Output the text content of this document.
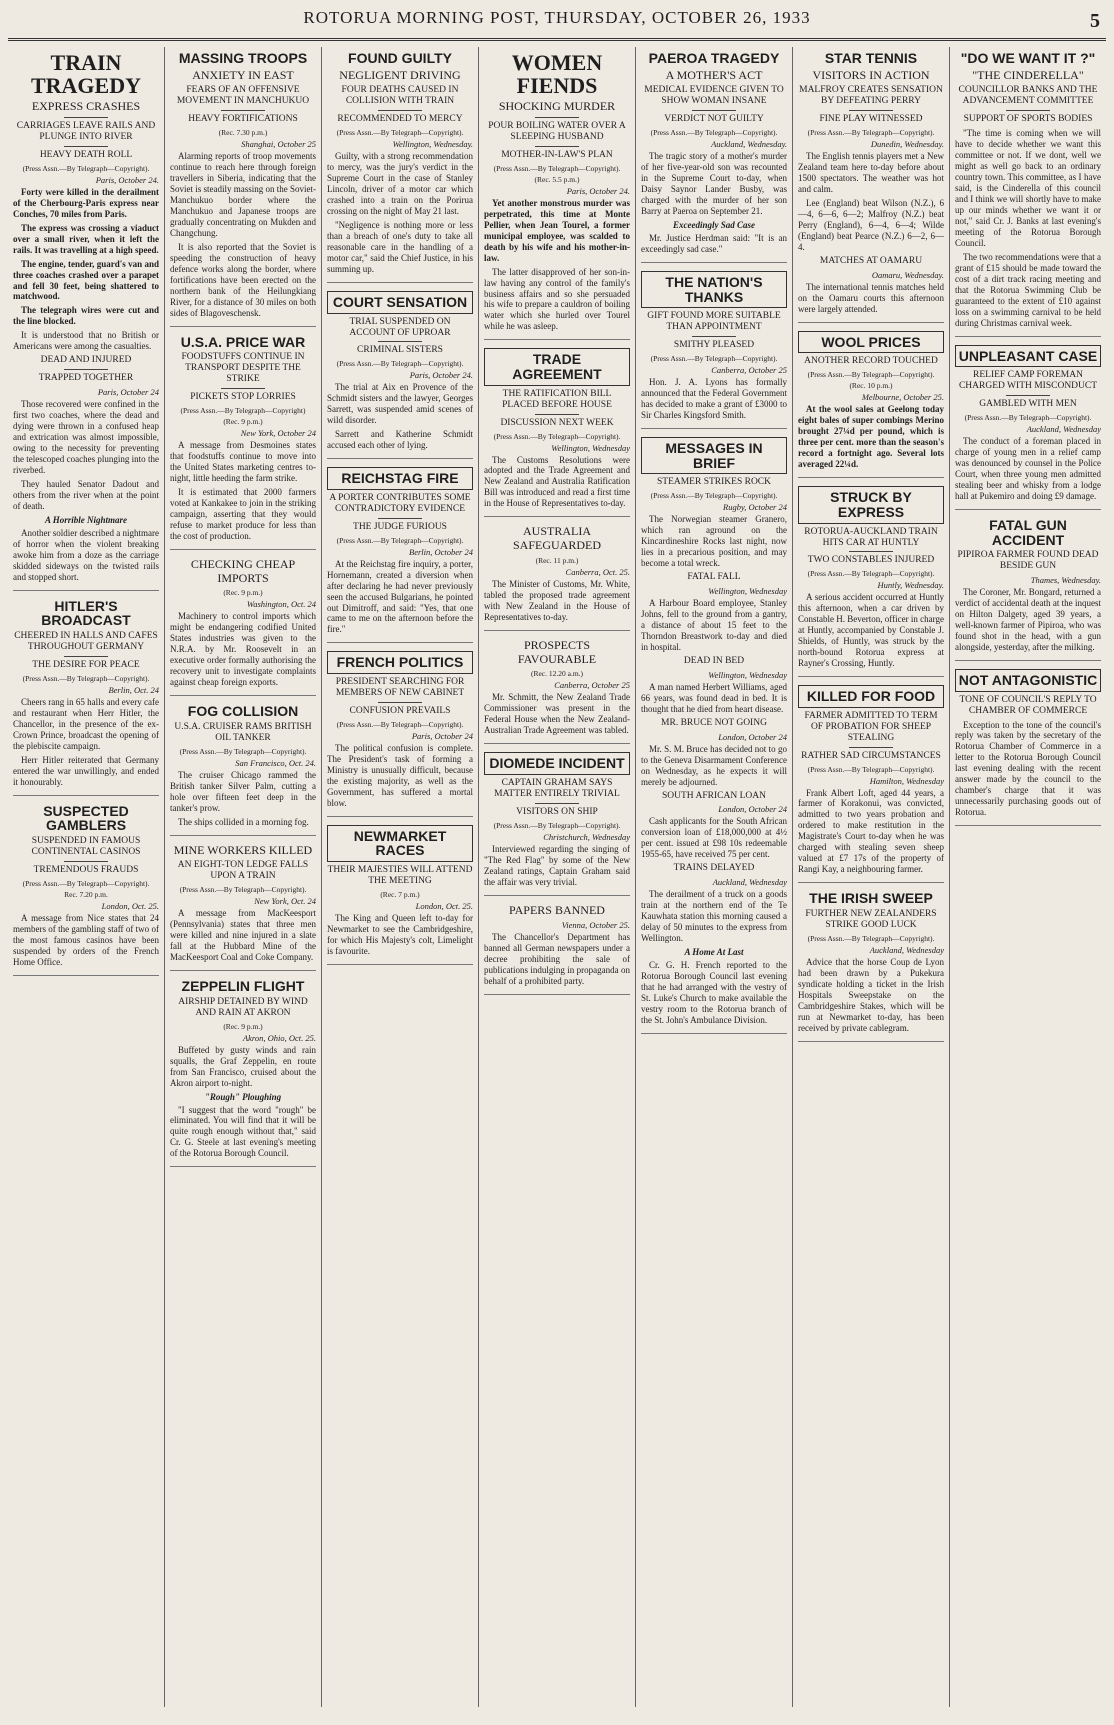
ROTORUA MORNING POST, THURSDAY, OCTOBER 26, 1933	5
TRAIN TRAGEDY
EXPRESS CRASHES
CARRIAGES LEAVE RAILS AND PLUNGE INTO RIVER
HEAVY DEATH ROLL
(Press Assn.—By Telegraph—Copyright).
Paris, October 24.

Forty were killed in the derailment of the Cherbourg-Paris express near Conches, 70 miles from Paris.

The express was crossing a viaduct over a small river, when it left the rails. It was travelling at a high speed.

The engine, tender, guard's van and three coaches crashed over a parapet and fell 30 feet, being shattered to matchwood.

The telegraph wires were cut and the line blocked.

It is understood that no British or Americans were among the casualties.

DEAD AND INJURED
TRAPPED TOGETHER
Paris, October 24

Those recovered were confined in the first two coaches, where the dead and dying were thrown in a confused heap and extrication was almost impossible, owing to the necessity for preventing the telescoped coaches plunging into the riverbed.

They hauled Senator Dadout and others from the river when at the point of death.

A Horrible Nightmare

Another soldier described a nightmare of horror when the violent breaking awoke him from a doze as the carriage skidded sideways on the twisted rails and stopped short.

HITLER'S BROADCAST
CHEERED IN HALLS AND CAFES THROUGHOUT GERMANY
THE DESIRE FOR PEACE
(Press Assn.—By Telegraph—Copyright).
Berlin, Oct. 24

Cheers rang in 65 halls and every cafe and restaurant when Herr Hitler, the Chancellor, in the presence of the ex-Crown Prince, broadcast the opening of the plebiscite campaign.

Herr Hitler reiterated that Germany entered the war unwillingly, and ended it honourably.

SUSPECTED GAMBLERS
SUSPENDED IN FAMOUS CONTINENTAL CASINOS
TREMENDOUS FRAUDS
(Press Assn.—By Telegraph—Copyright).
Rec. 7.20 p.m.
London, Oct. 25.

A message from Nice states that 24 members of the gambling staff of two of the most famous casinos have been suspended by orders of the French Home Office.

MASSING TROOPS
ANXIETY IN EAST
FEARS OF AN OFFENSIVE MOVEMENT IN MANCHUKUO
HEAVY FORTIFICATIONS
(Rec. 7.30 p.m.)
Shanghai, October 25

Alarming reports of troop movements continue to reach here through foreign travellers in Siberia, indicating that the Soviet is steadily massing on the Soviet-Manchukuo border where the Manchukuo and Japanese troops are gradually concentrating on Mukden and Changchung.

It is also reported that the Soviet is speeding the construction of heavy defence works along the border, where fortifications have been erected on the northern bank of the Heilungkiang River, for a distance of 30 miles on both sides of Blagoveschensk.

U.S.A. PRICE WAR
FOODSTUFFS CONTINUE IN TRANSPORT DESPITE THE STRIKE
PICKETS STOP LORRIES
(Press Assn.—By Telegraph—Copyright)
(Rec. 9 p.m.)
New York, October 24

A message from Desmoines states that foodstuffs continue to move into the United States marketing centres to-night, little heeding the farm strike.

It is estimated that 2000 farmers voted at Kankakee to join in the striking campaign, asserting that they would refuse to market produce for less than the cost of production.

CHECKING CHEAP IMPORTS
(Rec. 9 p.m.)
Washington, Oct. 24

Machinery to control imports which might be endangering codified United States industries was given to the N.R.A. by Mr. Roosevelt in an executive order formally authorising the recovery unit to investigate complaints against cheap foreign exports.

FOG COLLISION
U.S.A. CRUISER RAMS BRITISH OIL TANKER
(Press Assn.—By Telegraph—Copyright).
San Francisco, Oct. 24.

The cruiser Chicago rammed the British tanker Silver Palm, cutting a hole over fifteen feet deep in the tanker's prow.

The ships collided in a morning fog.

MINE WORKERS KILLED
AN EIGHT-TON LEDGE FALLS UPON A TRAIN
(Press Assn.—By Telegraph—Copyright).
New York, Oct. 24

A message from MacKeesport (Pennsylvania) states that three men were killed and nine injured in a slate fall at the Hubbard Mine of the MacKeesport Coal and Coke Company.

ZEPPELIN FLIGHT
AIRSHIP DETAINED BY WIND AND RAIN AT AKRON
(Rec. 9 p.m.)
Akron, Ohio, Oct. 25.

Buffeted by gusty winds and rain squalls, the Graf Zeppelin, en route from San Francisco, cruised about the Akron airport to-night.

"Rough" Ploughing

"I suggest that the word "rough" be eliminated. You will find that it will be quite rough enough without that," said Cr. G. Steele at last evening's meeting of the Rotorua Borough Council.

FOUND GUILTY
NEGLIGENT DRIVING
FOUR DEATHS CAUSED IN COLLISION WITH TRAIN
RECOMMENDED TO MERCY
(Press Assn.—By Telegraph—Copyright).
Wellington, Wednesday.

Guilty, with a strong recommendation to mercy, was the jury's verdict in the Supreme Court in the case of Stanley Lincoln, driver of a motor car which crashed into a train on the Porirua crossing on the night of May 21 last.

"Negligence is nothing more or less than a breach of one's duty to take all reasonable care in the handling of a motor car," said the Chief Justice, in his summing up.

COURT SENSATION
TRIAL SUSPENDED ON ACCOUNT OF UPROAR
CRIMINAL SISTERS
(Press Assn.—By Telegraph—Copyright).
Paris, October 24.

The trial at Aix en Provence of the Schmidt sisters and the lawyer, Georges Sarrett, was suspended amid scenes of wild disorder.

Sarrett and Katherine Schmidt accused each other of lying.

REICHSTAG FIRE
A PORTER CONTRIBUTES SOME CONTRADICTORY EVIDENCE
THE JUDGE FURIOUS
(Press Assn.—By Telegraph—Copyright).
Berlin, October 24

At the Reichstag fire inquiry, a porter, Hornemann, created a diversion when after declaring he had never previously seen the accused Bulgarians, he pointed out Dimitroff, and said: "Yes, that one came to me on the afternoon before the fire."

FRENCH POLITICS
PRESIDENT SEARCHING FOR MEMBERS OF NEW CABINET
CONFUSION PREVAILS
(Press Assn.—By Telegraph—Copyright).
Paris, October 24

The political confusion is complete. The President's task of forming a Ministry is unusually difficult, because the existing majority, as well as the Government, has suffered a mortal blow.

NEWMARKET RACES
THEIR MAJESTIES WILL ATTEND THE MEETING
(Rec. 7 p.m.)
London, Oct. 25.

The King and Queen left to-day for Newmarket to see the Cambridgeshire, for which His Majesty's colt, Limelight is favourite.

WOMEN FIENDS
SHOCKING MURDER
POUR BOILING WATER OVER A SLEEPING HUSBAND
MOTHER-IN-LAW'S PLAN
(Press Assn.—By Telegraph—Copyright).
(Rec. 5.5 p.m.)
Paris, October 24.

Yet another monstrous murder was perpetrated, this time at Monte Pellier, when Jean Tourel, a former municipal employee, was scalded to death by his wife and his mother-in-law.

The latter disapproved of her son-in-law having any control of the family's business affairs and so she persuaded his wife to prepare a cauldron of boiling water which she hurled over Tourel while he was asleep.

TRADE AGREEMENT
THE RATIFICATION BILL PLACED BEFORE HOUSE
DISCUSSION NEXT WEEK
(Press Assn.—By Telegraph—Copyright).
Wellington, Wednesday

The Customs Resolutions were adopted and the Trade Agreement and New Zealand and Australia Ratification Bill was introduced and read a first time in the House of Representatives to-day.

AUSTRALIA SAFEGUARDED
(Rec. 11 p.m.)
Canberra, Oct. 25.

The Minister of Customs, Mr. White, tabled the proposed trade agreement with New Zealand in the House of Representatives to-day.

PROSPECTS FAVOURABLE
(Rec. 12.20 a.m.)
Canberra, October 25

Mr. Schmitt, the New Zealand Trade Commissioner was present in the Federal House when the New Zealand-Australian Trade Agreement was tabled.

DIOMEDE INCIDENT
CAPTAIN GRAHAM SAYS MATTER ENTIRELY TRIVIAL
VISITORS ON SHIP
(Press Assn.—By Telegraph—Copyright).
Christchurch, Wednesday

Interviewed regarding the singing of "The Red Flag" by some of the New Zealand ratings, Captain Graham said the affair was very trivial.

PAPERS BANNED
Vienna, October 25.

The Chancellor's Department has banned all German newspapers under a decree prohibiting the sale of publications indulging in propaganda on behalf of a prohibited party.

PAEROA TRAGEDY
A MOTHER'S ACT
MEDICAL EVIDENCE GIVEN TO SHOW WOMAN INSANE
VERDICT NOT GUILTY
(Press Assn.—By Telegraph—Copyright).
Auckland, Wednesday.

The tragic story of a mother's murder of her five-year-old son was recounted in the Supreme Court to-day, when Daisy Saynor Lander Busby, was charged with the murder of her son Barry at Paeroa on September 21.

Exceedingly Sad Case

Mr. Justice Herdman said: "It is an exceedingly sad case."

THE NATION'S THANKS
GIFT FOUND MORE SUITABLE THAN APPOINTMENT
SMITHY PLEASED
(Press Assn.—By Telegraph—Copyright).
Canberra, October 25

Hon. J. A. Lyons has formally announced that the Federal Government has decided to make a grant of £3000 to Sir Charles Kingsford Smith.

MESSAGES IN BRIEF
STEAMER STRIKES ROCK
(Press Assn.—By Telegraph—Copyright).
Rugby, October 24

The Norwegian steamer Granero, which ran aground on the Kincardineshire Rocks last night, now lies in a precarious position, and may become a total wreck.

FATAL FALL
Wellington, Wednesday

A Harbour Board employee, Stanley Johns, fell to the ground from a gantry, a distance of about 15 feet to the Thorndon Breastwork to-day and died in hospital.

DEAD IN BED
Wellington, Wednesday

A man named Herbert Williams, aged 66 years, was found dead in bed. It is thought that he died from heart disease.

MR. BRUCE NOT GOING
London, October 24

Mr. S. M. Bruce has decided not to go to the Geneva Disarmament Conference on Wednesday, as he expects it will merely be adjourned.

SOUTH AFRICAN LOAN
London, October 24

Cash applicants for the South African conversion loan of £18,000,000 at 4½ per cent. issued at £98 10s redeemable 1955-65, have received 75 per cent.

TRAINS DELAYED
Auckland, Wednesday

The derailment of a truck on a goods train at the northern end of the Te Kauwhata station this morning caused a delay of 50 minutes to the express from Wellington.

A Home At Last

Cr. G. H. French reported to the Rotorua Borough Council last evening that he had arranged with the vestry of St. Luke's Church to make available the vestry room to the Rotorua branch of the St. John's Ambulance Division.

STAR TENNIS
VISITORS IN ACTION
MALFROY CREATES SENSATION BY DEFEATING PERRY
FINE PLAY WITNESSED
(Press Assn.—By Telegraph—Copyright).
Dunedin, Wednesday.

The English tennis players met a New Zealand team here to-day before about 1500 spectators. The weather was hot and calm.

Lee (England) beat Wilson (N.Z.), 6—4, 6—6, 6—2; Malfroy (N.Z.) beat Perry (England), 6—4, 6—4; Wilde (England) beat Pearce (N.Z.) 6—2, 6—4.

MATCHES AT OAMARU
Oamaru, Wednesday.

The international tennis matches held on the Oamaru courts this afternoon were largely attended.

WOOL PRICES
ANOTHER RECORD TOUCHED
(Press Assn.—By Telegraph—Copyright).
(Rec. 10 p.m.)
Melbourne, October 25.

At the wool sales at Geelong today eight bales of super combings Merino brought 27¼d per pound, which is three per cent. more than the season's record a fortnight ago. Several lots averaged 22¼d.

STRUCK BY EXPRESS
ROTORUA-AUCKLAND TRAIN HITS CAR AT HUNTLY
TWO CONSTABLES INJURED
(Press Assn.—By Telegraph—Copyright).
Huntly, Wednesday.

A serious accident occurred at Huntly this afternoon, when a car driven by Constable H. Beverton, officer in charge at Huntly, accompanied by Constable J. Shields, of Huntly, was struck by the north-bound Rotorua express at Rayner's Crossing, Huntly.

KILLED FOR FOOD
FARMER ADMITTED TO TERM OF PROBATION FOR SHEEP STEALING
RATHER SAD CIRCUMSTANCES
(Press Assn.—By Telegraph—Copyright).
Hamilton, Wednesday

Frank Albert Loft, aged 44 years, a farmer of Korakonui, was convicted, admitted to two years probation and ordered to make restitution in the Magistrate's Court to-day when he was charged with stealing seven sheep valued at £7 17s of the property of Rangi Kay, a neighbouring farmer.

THE IRISH SWEEP
FURTHER NEW ZEALANDERS STRIKE GOOD LUCK
(Press Assn.—By Telegraph—Copyright).
Auckland, Wednesday

Advice that the horse Coup de Lyon had been drawn by a Pukekura syndicate holding a ticket in the Irish Hospitals Sweepstake on the Cambridgeshire Stakes, which will be run at Newmarket to-day, has been received by private cablegram.

"DO WE WANT IT ?"
"THE CINDERELLA"
COUNCILLOR BANKS AND THE ADVANCEMENT COMMITTEE
SUPPORT OF SPORTS BODIES

"The time is coming when we will have to decide whether we want this committee or not. If we dont, well we might as well go back to an ordinary country town. This committee, as I have said, is the Cinderella of this council and I think we will shortly have to make up our minds whether we want it or not," said Cr. J. Banks at last evening's meeting of the Rotorua Borough Council.

The two recommendations were that a grant of £15 should be made toward the cost of a dirt track racing meeting and that the Rotorua Swimming Club be guaranteed to the extent of £10 against loss on a swimming carnival to be held during Christmas carnival week.

UNPLEASANT CASE
RELIEF CAMP FOREMAN CHARGED WITH MISCONDUCT
GAMBLED WITH MEN
(Press Assn.—By Telegraph—Copyright).
Auckland, Wednesday

The conduct of a foreman placed in charge of young men in a relief camp was denounced by counsel in the Police Court, when three young men admitted stealing beer and whisky from a lodge hall at Pukemiro and doing £9 damage.

FATAL GUN ACCIDENT
PIPIROA FARMER FOUND DEAD BESIDE GUN
Thames, Wednesday.

The Coroner, Mr. Bongard, returned a verdict of accidental death at the inquest on Hilton Dalgety, aged 39 years, a well-known farmer of Pipiroa, who was found shot in the head, with a gun alongside, yesterday, after the milking.

NOT ANTAGONISTIC
TONE OF COUNCIL'S REPLY TO CHAMBER OF COMMERCE

Exception to the tone of the council's reply was taken by the secretary of the Rotorua Chamber of Commerce in a letter to the Rotorua Borough Council last evening dealing with the recent answer made by the council to the chamber's charge that it was unnecessarily purchasing goods out of Rotorua.
